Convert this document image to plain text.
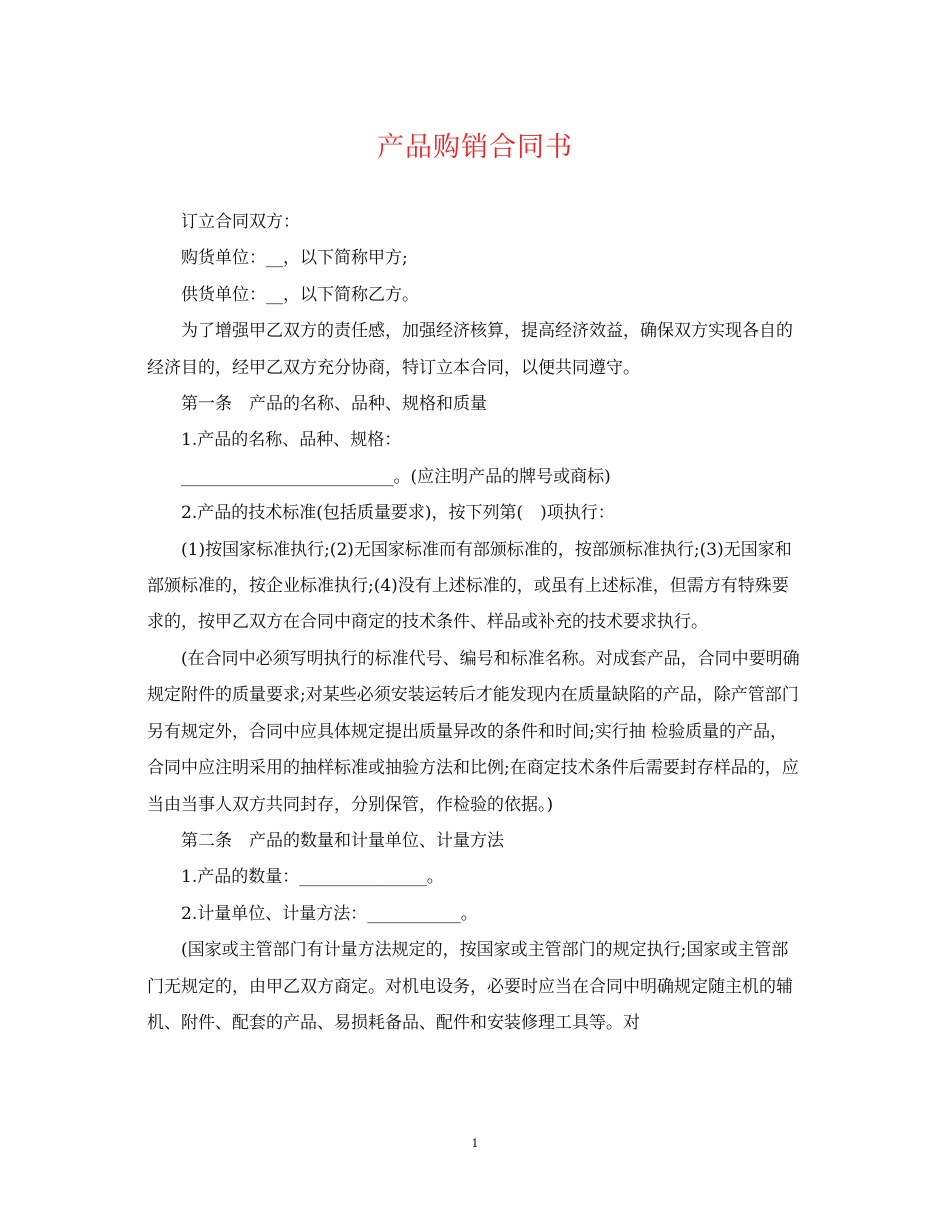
产品购销合同书

订立合同双方：

购货单位：__，以下简称甲方;

供货单位：__，以下简称乙方。

为了增强甲乙双方的责任感，加强经济核算，提高经济效益，确保双方实现各自的经济目的，经甲乙双方充分协商，特订立本合同，以便共同遵守。

第一条　产品的名称、品种、规格和质量

1.产品的名称、品种、规格：

_________________________。(应注明产品的牌号或商标)

2.产品的技术标准(包括质量要求)，按下列第(　)项执行：

(1)按国家标准执行;(2)无国家标准而有部颁标准的，按部颁标准执行;(3)无国家和部颁标准的，按企业标准执行;(4)没有上述标准的，或虽有上述标准，但需方有特殊要求的，按甲乙双方在合同中商定的技术条件、样品或补充的技术要求执行。

(在合同中必须写明执行的标准代号、编号和标准名称。对成套产品，合同中要明确规定附件的质量要求;对某些必须安装运转后才能发现内在质量缺陷的产品，除产管部门另有规定外，合同中应具体规定提出质量异改的条件和时间;实行抽 检验质量的产品，合同中应注明采用的抽样标准或抽验方法和比例;在商定技术条件后需要封存样品的，应当由当事人双方共同封存，分别保管，作检验的依据。)

第二条　产品的数量和计量单位、计量方法

1.产品的数量：_______________。

2.计量单位、计量方法：___________。

(国家或主管部门有计量方法规定的，按国家或主管部门的规定执行;国家或主管部门无规定的，由甲乙双方商定。对机电设务，必要时应当在合同中明确规定随主机的辅机、附件、配套的产品、易损耗备品、配件和安装修理工具等。对

1
